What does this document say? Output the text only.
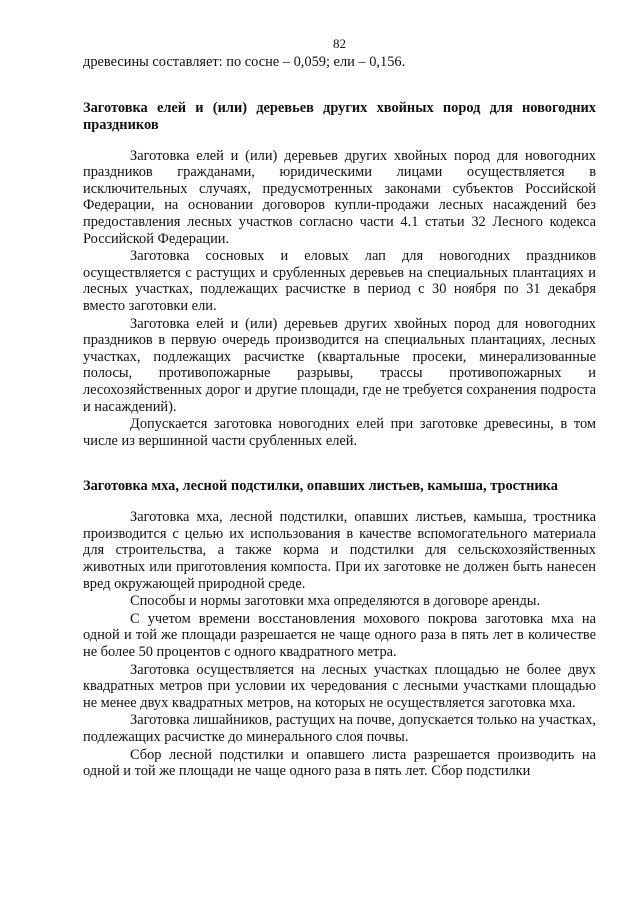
82

древесины составляет: по сосне – 0,059; ели – 0,156.

Заготовка елей и (или) деревьев других хвойных пород для новогодних праздников

Заготовка елей и (или) деревьев других хвойных пород для новогодних праздников гражданами, юридическими лицами осуществляется в исключительных случаях, предусмотренных законами субъектов Российской Федерации, на основании договоров купли-продажи лесных насаждений без предоставления лесных участков согласно части 4.1 статьи 32 Лесного кодекса Российской Федерации.

Заготовка сосновых и еловых лап для новогодних праздников осуществляется с растущих и срубленных деревьев на специальных плантациях и лесных участках, подлежащих расчистке в период с 30 ноября по 31 декабря вместо заготовки ели.

Заготовка елей и (или) деревьев других хвойных пород для новогодних праздников в первую очередь производится на специальных плантациях, лесных участках, подлежащих расчистке (квартальные просеки, минерализованные полосы, противопожарные разрывы, трассы противопожарных и лесохозяйственных дорог и другие площади, где не требуется сохранения подроста и насаждений).

Допускается заготовка новогодних елей при заготовке древесины, в том числе из вершинной части срубленных елей.

Заготовка мха, лесной подстилки, опавших листьев, камыша, тростника

Заготовка мха, лесной подстилки, опавших листьев, камыша, тростника производится с целью их использования в качестве вспомогательного материала для строительства, а также корма и подстилки для сельскохозяйственных животных или приготовления компоста. При их заготовке не должен быть нанесен вред окружающей природной среде.

Способы и нормы заготовки мха определяются в договоре аренды.

С учетом времени восстановления мохового покрова заготовка мха на одной и той же площади разрешается не чаще одного раза в пять лет в количестве не более 50 процентов с одного квадратного метра.

Заготовка осуществляется на лесных участках площадью не более двух квадратных метров при условии их чередования с лесными участками площадью не менее двух квадратных метров, на которых не осуществляется заготовка мха.

Заготовка лишайников, растущих на почве, допускается только на участках, подлежащих расчистке до минерального слоя почвы.

Сбор лесной подстилки и опавшего листа разрешается производить на одной и той же площади не чаще одного раза в пять лет. Сбор подстилки
